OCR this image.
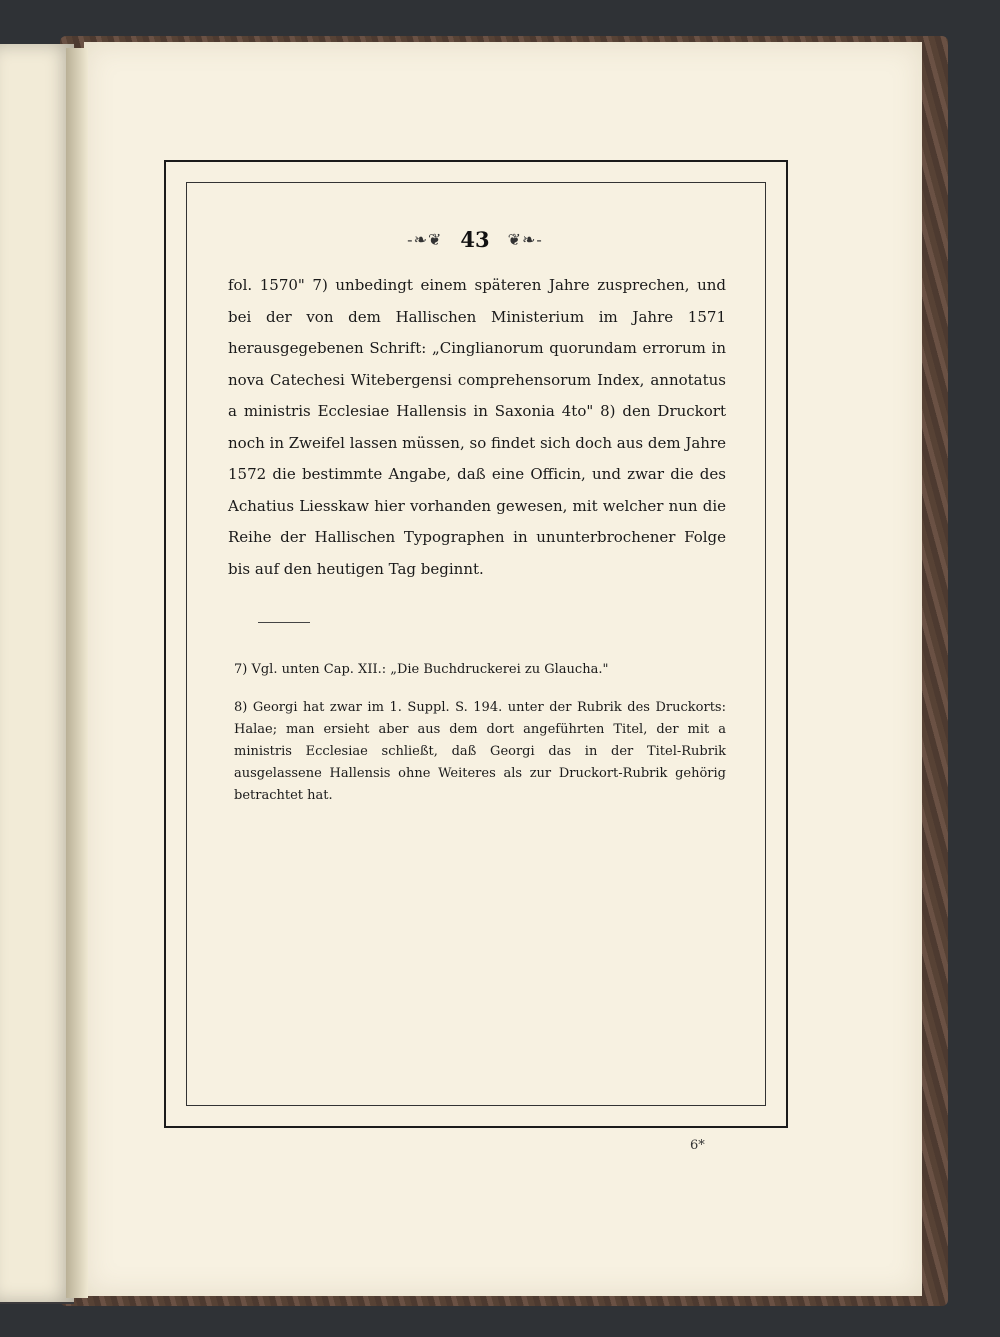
-❧❦ 43 ❦❧-

fol. 1570" 7) unbedingt einem späteren Jahre zusprechen, und bei der von dem Hallischen Ministerium im Jahre 1571 herausgegebenen Schrift: „Cinglianorum quorundam errorum in nova Catechesi Witebergensi comprehensorum Index, annotatus a ministris Ecclesiae Hallensis in Saxonia 4to" 8) den Druckort noch in Zweifel lassen müssen, so findet sich doch aus dem Jahre 1572 die bestimmte Angabe, daß eine Officin, und zwar die des Achatius Liesskaw hier vorhanden gewesen, mit welcher nun die Reihe der Hallischen Typographen in ununterbrochener Folge bis auf den heutigen Tag beginnt.

7) Vgl. unten Cap. XII.: „Die Buchdruckerei zu Glaucha."
8) Georgi hat zwar im 1. Suppl. S. 194. unter der Rubrik des Druckorts: Halae; man ersieht aber aus dem dort angeführten Titel, der mit a ministris Ecclesiae schließt, daß Georgi das in der Titel-Rubrik ausgelassene Hallensis ohne Weiteres als zur Druckort-Rubrik gehörig betrachtet hat.
6*
